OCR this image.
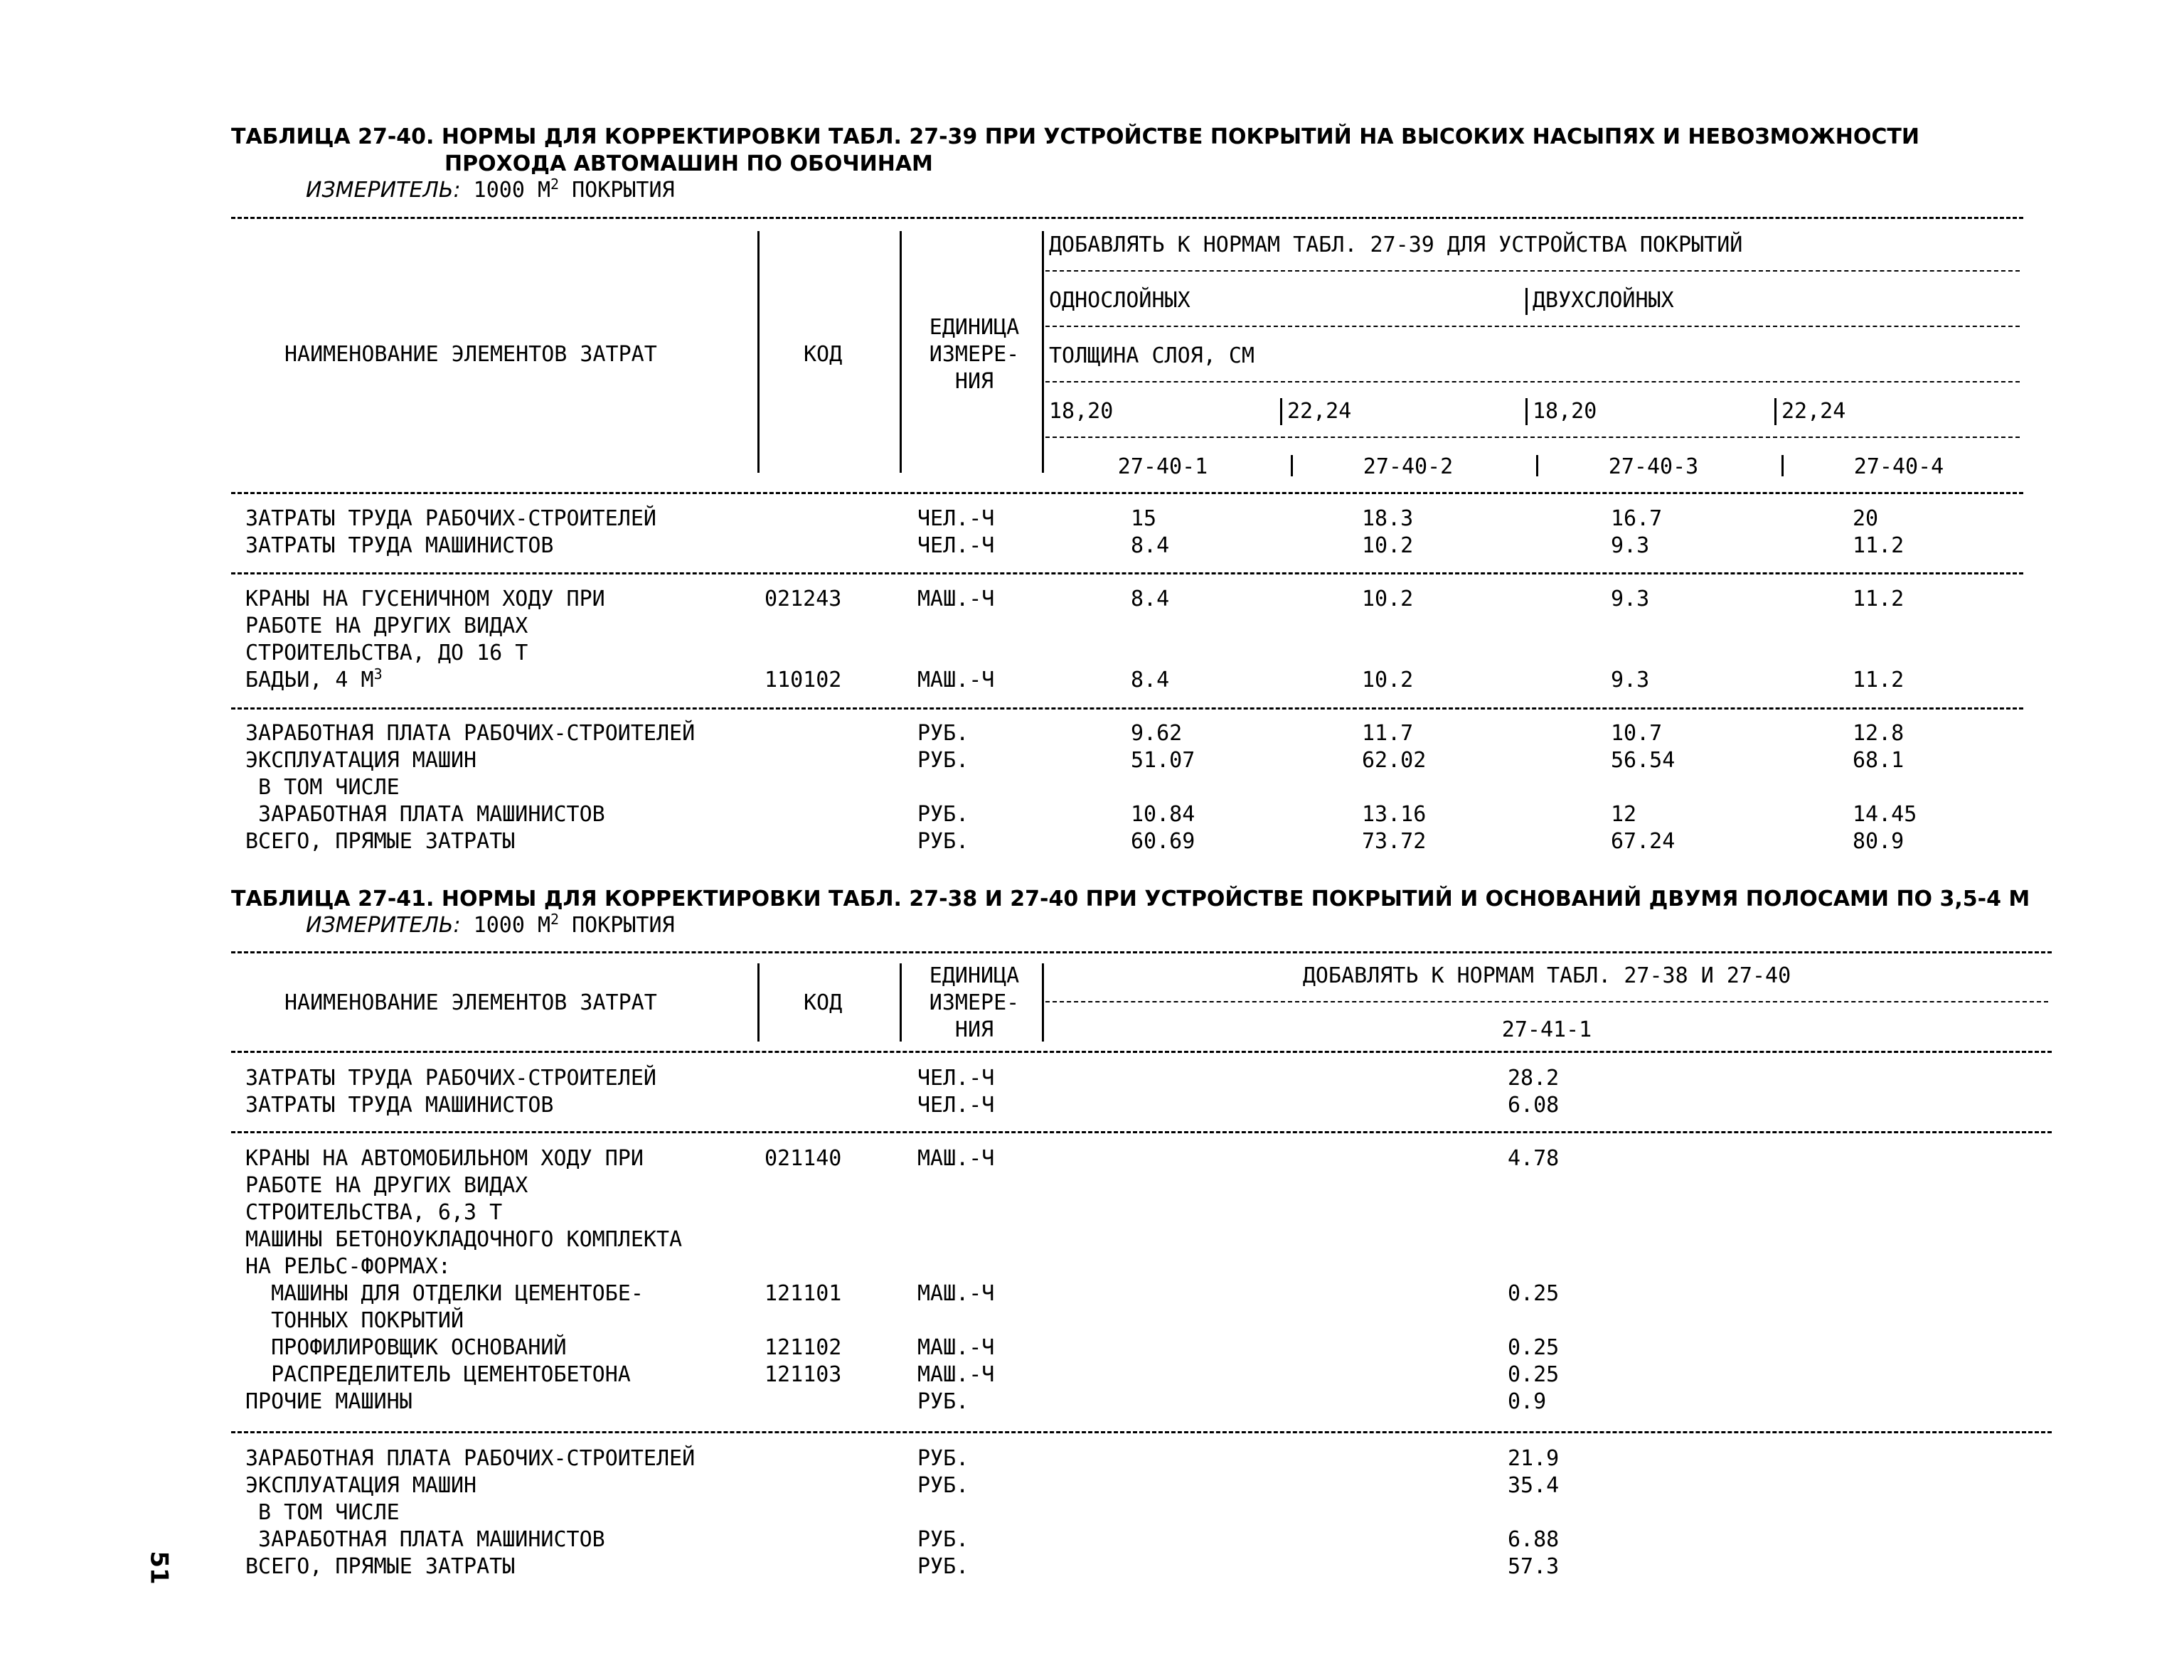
ТАБЛИЦА 27-40. НОРМЫ ДЛЯ КОРРЕКТИРОВКИ ТАБЛ. 27-39 ПРИ УСТРОЙСТВЕ ПОКРЫТИЙ НА ВЫСОКИХ НАСЫПЯХ И НЕВОЗМОЖНОСТИ
ПРОХОДА АВТОМАШИН ПО ОБОЧИНАМ
ИЗМЕРИТЕЛЬ: 1000 $М^2$ ПОКРЫТИЯ
НАИМЕНОВАНИЕ ЭЛЕМЕНТОВ ЗАТРАТ	КОД
ЕДИНИЦА
ИЗМЕРЕ-
НИЯ
ДОБАВЛЯТЬ К НОРМАМ ТАБЛ. 27-39 ДЛЯ УСТРОЙСТВА ПОКРЫТИЙ
ОДНОСЛОЙНЫХ	ДВУХСЛОЙНЫХ
ТОЛЩИНА СЛОЯ, СМ
18,20	22,24	18,20	22,24
27-40-1	27-40-2	27-40-3	27-40-4
ЗАТРАТЫ ТРУДА РАБОЧИХ-СТРОИТЕЛЕЙ	ЧЕЛ.-Ч	15	18.3	16.7	20
ЗАТРАТЫ ТРУДА МАШИНИСТОВ	ЧЕЛ.-Ч	8.4	10.2	9.3	11.2
КРАНЫ НА ГУСЕНИЧНОМ ХОДУ ПРИ	021243	МАШ.-Ч	8.4	10.2	9.3	11.2
РАБОТЕ НА ДРУГИХ ВИДАХ
СТРОИТЕЛЬСТВА, ДО 16 Т
БАДЬИ, 4 $М^3$	110102	МАШ.-Ч	8.4	10.2	9.3	11.2
ЗАРАБОТНАЯ ПЛАТА РАБОЧИХ-СТРОИТЕЛЕЙ	РУБ.	9.62	11.7	10.7	12.8
ЭКСПЛУАТАЦИЯ МАШИН	РУБ.	51.07	62.02	56.54	68.1
В ТОМ ЧИСЛЕ
ЗАРАБОТНАЯ ПЛАТА МАШИНИСТОВ	РУБ.	10.84	13.16	12	14.45
ВСЕГО, ПРЯМЫЕ ЗАТРАТЫ	РУБ.	60.69	73.72	67.24	80.9
ТАБЛИЦА 27-41. НОРМЫ ДЛЯ КОРРЕКТИРОВКИ ТАБЛ. 27-38 И 27-40 ПРИ УСТРОЙСТВЕ ПОКРЫТИЙ И ОСНОВАНИЙ ДВУМЯ ПОЛОСАМИ ПО 3,5-4 М
ИЗМЕРИТЕЛЬ: 1000 $М^2$ ПОКРЫТИЯ
НАИМЕНОВАНИЕ ЭЛЕМЕНТОВ ЗАТРАТ	КОД
ЕДИНИЦА
ИЗМЕРЕ-
НИЯ
ДОБАВЛЯТЬ К НОРМАМ ТАБЛ. 27-38 И 27-40
27-41-1
ЗАТРАТЫ ТРУДА РАБОЧИХ-СТРОИТЕЛЕЙ	ЧЕЛ.-Ч	28.2
ЗАТРАТЫ ТРУДА МАШИНИСТОВ	ЧЕЛ.-Ч	6.08
КРАНЫ НА АВТОМОБИЛЬНОМ ХОДУ ПРИ	021140	МАШ.-Ч	4.78
РАБОТЕ НА ДРУГИХ ВИДАХ
СТРОИТЕЛЬСТВА, 6,3 Т
МАШИНЫ БЕТОНОУКЛАДОЧНОГО КОМПЛЕКТА
НА РЕЛЬС-ФОРМАХ:
МАШИНЫ ДЛЯ ОТДЕЛКИ ЦЕМЕНТОБЕ-	121101	МАШ.-Ч	0.25
ТОННЫХ ПОКРЫТИЙ
ПРОФИЛИРОВЩИК ОСНОВАНИЙ	121102	МАШ.-Ч	0.25
РАСПРЕДЕЛИТЕЛЬ ЦЕМЕНТОБЕТОНА	121103	МАШ.-Ч	0.25
ПРОЧИЕ МАШИНЫ	РУБ.	0.9
ЗАРАБОТНАЯ ПЛАТА РАБОЧИХ-СТРОИТЕЛЕЙ	РУБ.	21.9
ЭКСПЛУАТАЦИЯ МАШИН	РУБ.	35.4
В ТОМ ЧИСЛЕ
ЗАРАБОТНАЯ ПЛАТА МАШИНИСТОВ	РУБ.	6.88
ВСЕГО, ПРЯМЫЕ ЗАТРАТЫ	РУБ.	57.3
51
